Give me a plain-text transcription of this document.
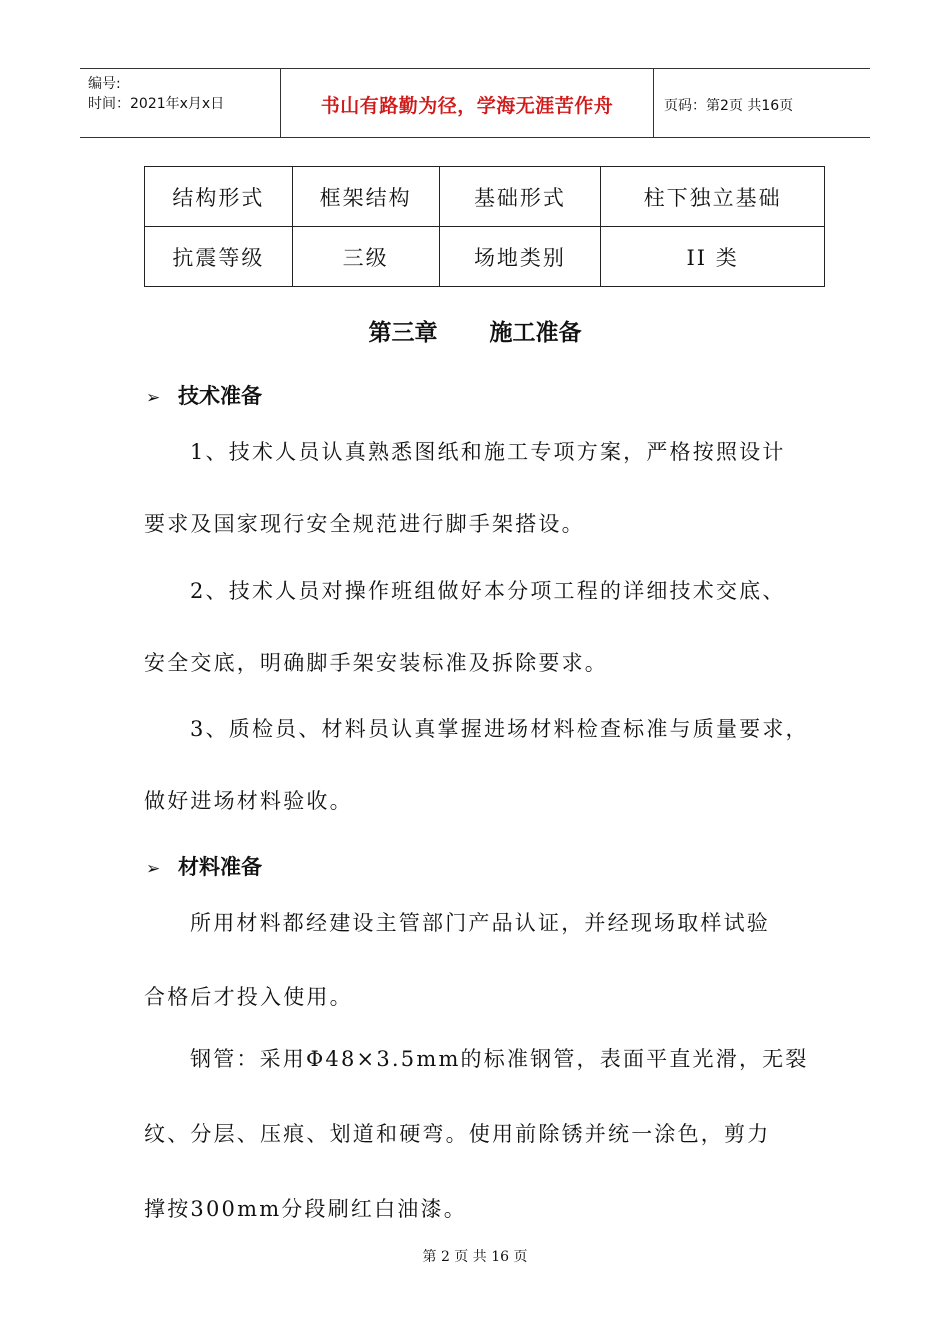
编号:
时间：2021年x月x日	书山有路勤为径，学海无涯苦作舟	页码：第2页 共16页
结构形式	框架结构	基础形式	柱下独立基础
抗震等级	三级	场地类别	II 类
第三章 施工准备
➢ 技术准备
1、技术人员认真熟悉图纸和施工专项方案，严格按照设计
要求及国家现行安全规范进行脚手架搭设。
2、技术人员对操作班组做好本分项工程的详细技术交底、
安全交底，明确脚手架安装标准及拆除要求。
3、质检员、材料员认真掌握进场材料检查标准与质量要求，
做好进场材料验收。
➢ 材料准备
所用材料都经建设主管部门产品认证，并经现场取样试验
合格后才投入使用。
钢管：采用Φ48×3.5mm的标准钢管，表面平直光滑，无裂
纹、分层、压痕、划道和硬弯。使用前除锈并统一涂色，剪力
撑按300mm分段刷红白油漆。
第 2 页 共 16 页
